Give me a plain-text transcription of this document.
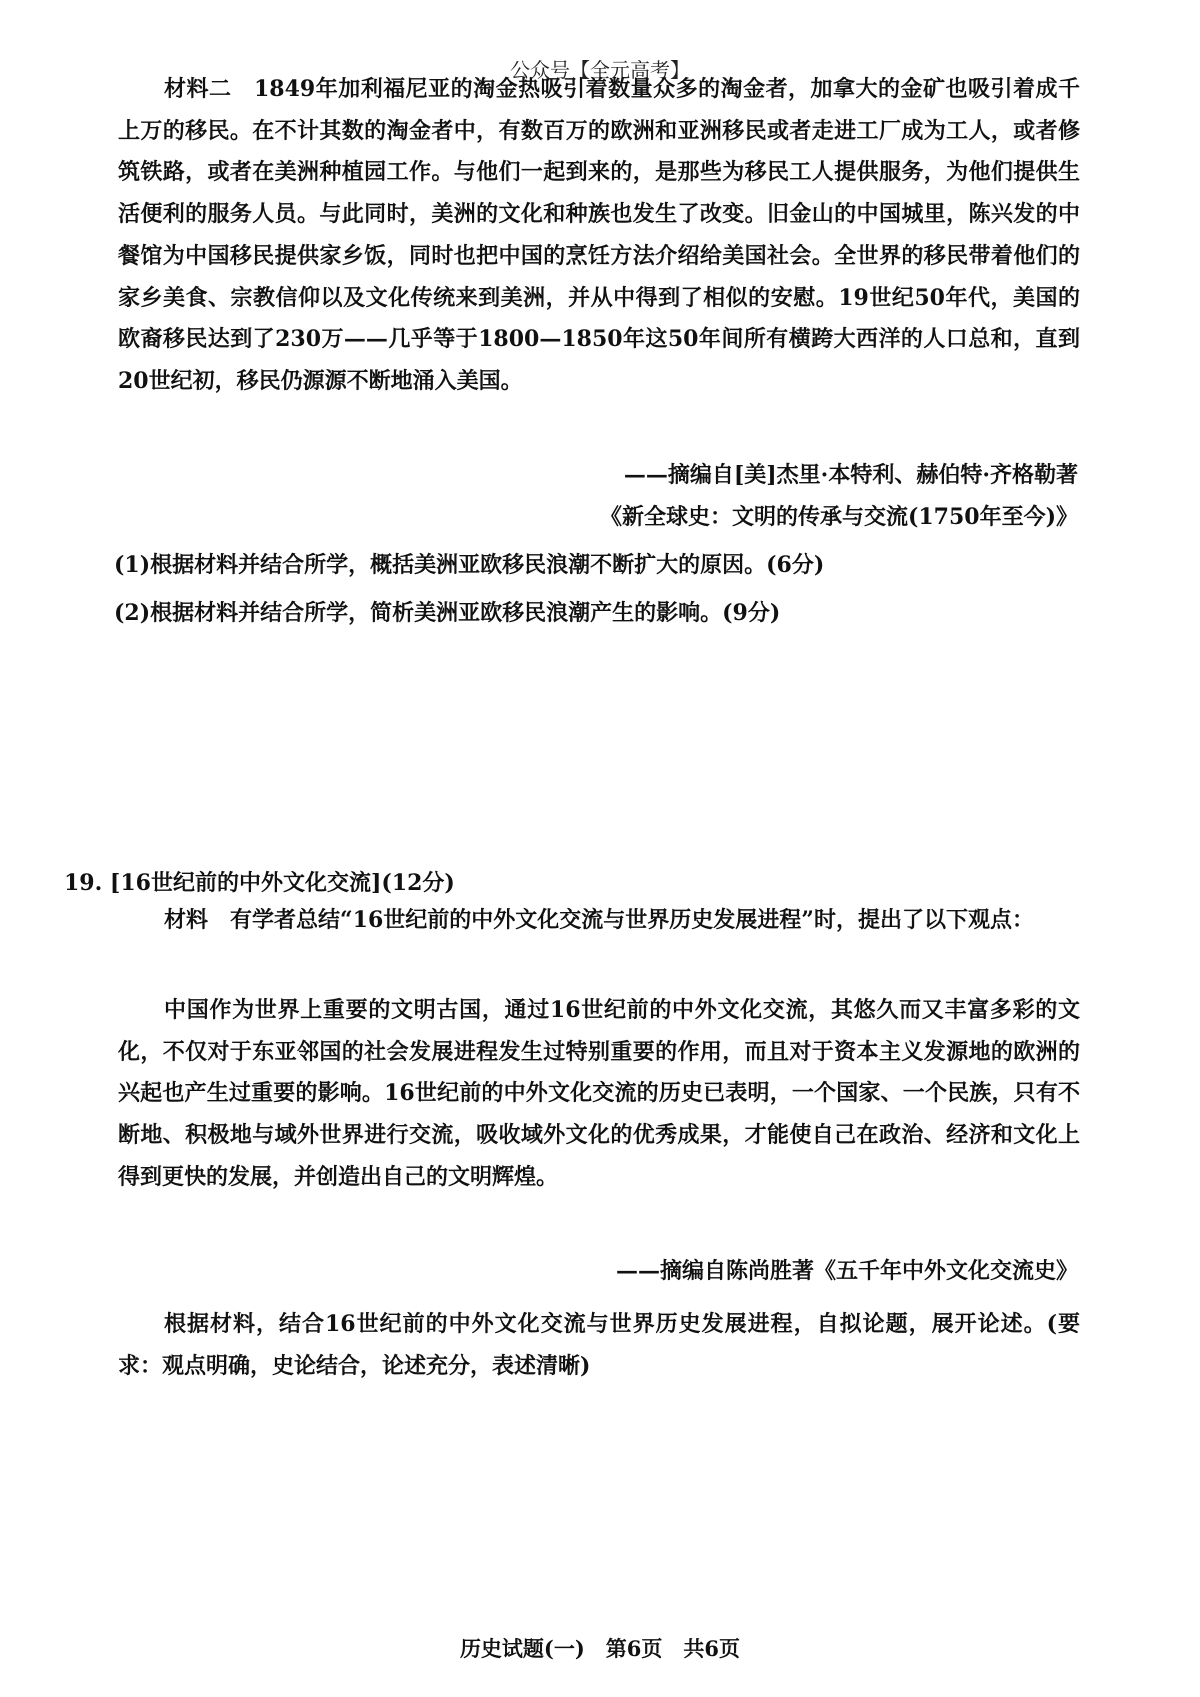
公众号【全元高考】

材料二　 1849年加利福尼亚的淘金热吸引着数量众多的淘金者，加拿大的金矿也吸引着成千上万的移民。在不计其数的淘金者中，有数百万的欧洲和亚洲移民或者走进工厂成为工人，或者修筑铁路，或者在美洲种植园工作。与他们一起到来的，是那些为移民工人提供服务，为他们提供生活便利的服务人员。与此同时，美洲的文化和种族也发生了改变。旧金山的中国城里，陈兴发的中餐馆为中国移民提供家乡饭，同时也把中国的烹饪方法介绍给美国社会。全世界的移民带着他们的家乡美食、宗教信仰以及文化传统来到美洲，并从中得到了相似的安慰。19世纪50年代，美国的欧裔移民达到了230万——几乎等于1800—1850年这50年间所有横跨大西洋的人口总和，直到20世纪初，移民仍源源不断地涌入美国。

——摘编自[美]杰里·本特利、赫伯特·齐格勒著

《新全球史：文明的传承与交流(1750年至今)》

(1)根据材料并结合所学，概括美洲亚欧移民浪潮不断扩大的原因。(6分)

(2)根据材料并结合所学，简析美洲亚欧移民浪潮产生的影响。(9分)

19. [16世纪前的中外文化交流](12分)

材料　 有学者总结“16世纪前的中外文化交流与世界历史发展进程”时，提出了以下观点：

中国作为世界上重要的文明古国，通过16世纪前的中外文化交流，其悠久而又丰富多彩的文化，不仅对于东亚邻国的社会发展进程发生过特别重要的作用，而且对于资本主义发源地的欧洲的兴起也产生过重要的影响。16世纪前的中外文化交流的历史已表明，一个国家、一个民族，只有不断地、积极地与域外世界进行交流，吸收域外文化的优秀成果，才能使自己在政治、经济和文化上得到更快的发展，并创造出自己的文明辉煌。

——摘编自陈尚胜著《五千年中外文化交流史》

根据材料，结合16世纪前的中外文化交流与世界历史发展进程，自拟论题，展开论述。(要求：观点明确，史论结合，论述充分，表述清晰)

历史试题(一)　第6页　共6页
